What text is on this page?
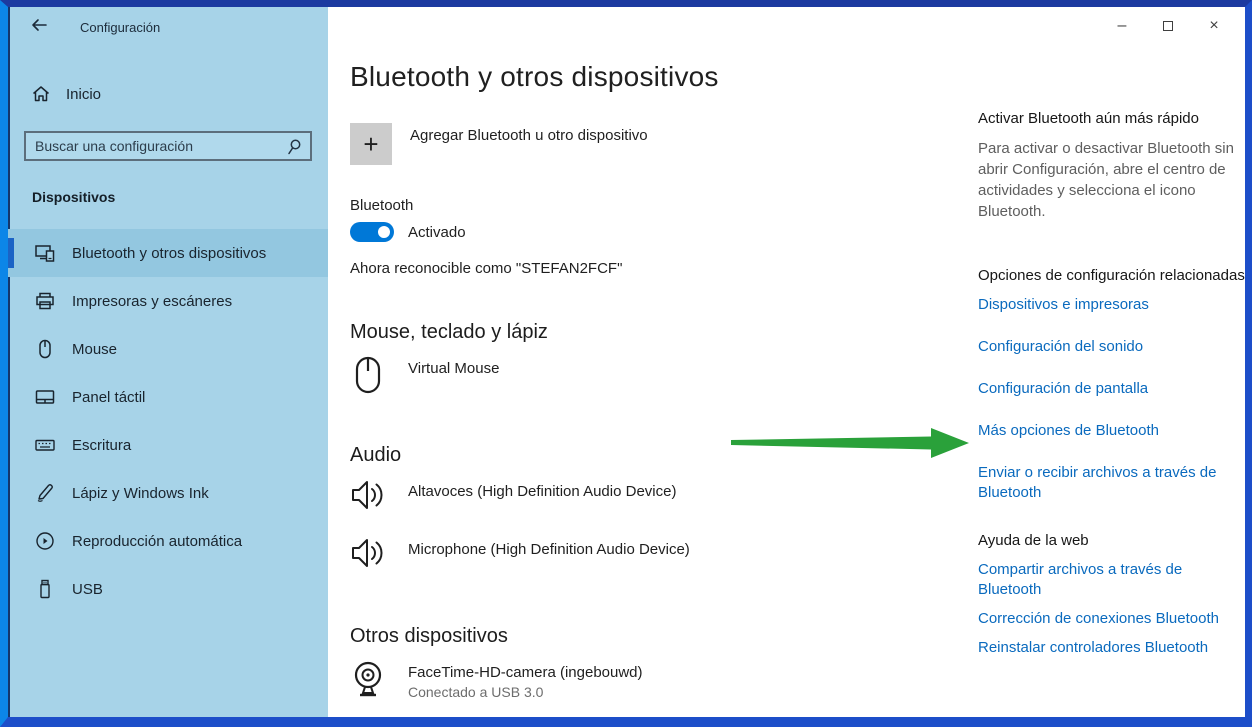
Configuración
Inicio
Buscar una configuración
Dispositivos
Bluetooth y otros dispositivos
Impresoras y escáneres
Mouse
Panel táctil
Escritura
Lápiz y Windows Ink
Reproducción automática
USB
–	×
Bluetooth y otros dispositivos
+	Agregar Bluetooth u otro dispositivo
Bluetooth
Activado
Ahora reconocible como "STEFAN2FCF"
Mouse, teclado y lápiz
Virtual Mouse
Audio
Altavoces (High Definition Audio Device)
Microphone (High Definition Audio Device)
Otros dispositivos
FaceTime-HD-camera (ingebouwd)
Conectado a USB 3.0
Activar Bluetooth aún más rápido

Para activar o desactivar Bluetooth sin abrir Configuración, abre el centro de actividades y selecciona el icono Bluetooth.

Opciones de configuración relacionadas
Dispositivos e impresoras
Configuración del sonido
Configuración de pantalla
Más opciones de Bluetooth
Enviar o recibir archivos a través de Bluetooth
Ayuda de la web
Compartir archivos a través de Bluetooth
Corrección de conexiones Bluetooth
Reinstalar controladores Bluetooth
